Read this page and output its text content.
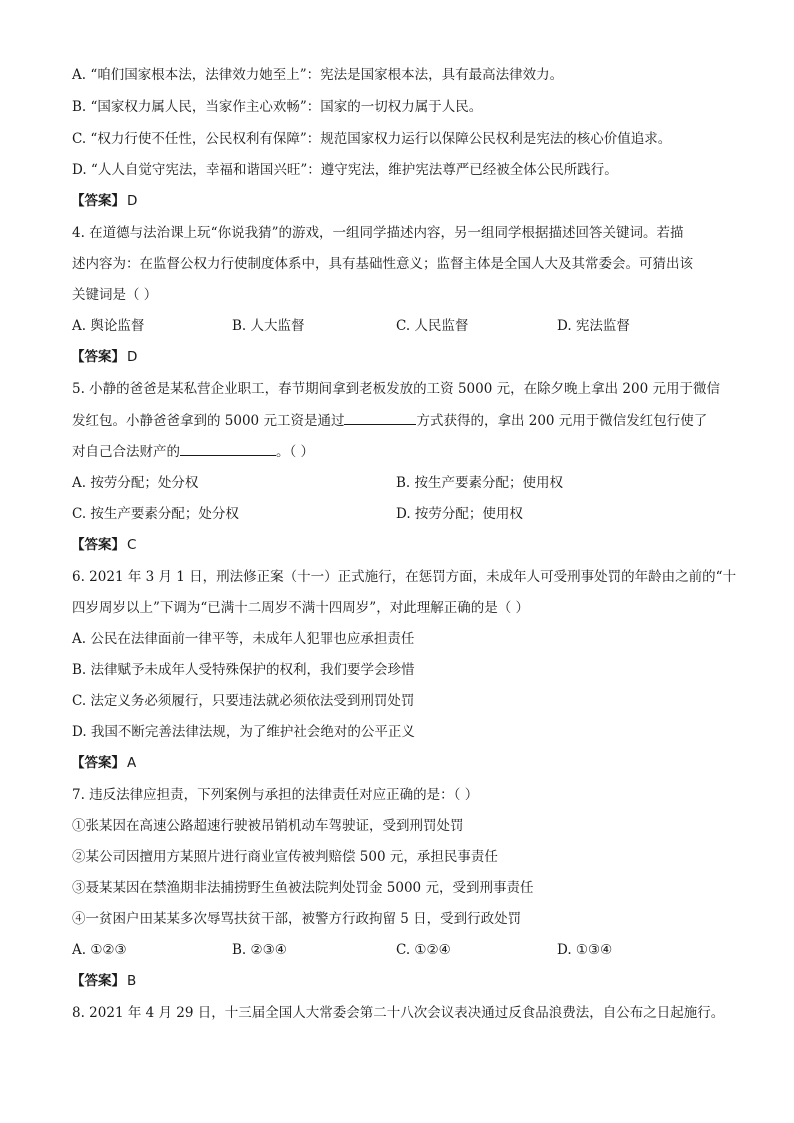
A. “咱们国家根本法，法律效力她至上”：宪法是国家根本法，具有最高法律效力。
B. “国家权力属人民，当家作主心欢畅”：国家的一切权力属于人民。
C. “权力行使不任性，公民权利有保障”：规范国家权力运行以保障公民权利是宪法的核心价值追求。
D. “人人自觉守宪法，幸福和谐国兴旺”：遵守宪法，维护宪法尊严已经被全体公民所践行。
【答案】 D
4. 在道德与法治课上玩“你说我猜”的游戏，一组同学描述内容，另一组同学根据描述回答关键词。若描
述内容为：在监督公权力行使制度体系中，具有基础性意义；监督主体是全国人大及其常委会。可猜出该
关键词是（ ）
A. 舆论监督	B. 人大监督	C. 人民监督	D. 宪法监督
【答案】 D
5. 小静的爸爸是某私营企业职工，春节期间拿到老板发放的工资 5000 元，在除夕晚上拿出 200 元用于微信
发红包。小静爸爸拿到的 5000 元工资是通过	方式获得的，拿出 200 元用于微信发红包行使了
对自己合法财产的	。（ ）
A. 按劳分配；处分权	B. 按生产要素分配；使用权
C. 按生产要素分配；处分权	D. 按劳分配；使用权
【答案】 C
6. 2021 年 3 月 1 日，刑法修正案（十一）正式施行，在惩罚方面，未成年人可受刑事处罚的年龄由之前的“十
四岁周岁以上”下调为“已满十二周岁不满十四周岁”，对此理解正确的是（ ）
A. 公民在法律面前一律平等，未成年人犯罪也应承担责任
B. 法律赋予未成年人受特殊保护的权利，我们要学会珍惜
C. 法定义务必须履行，只要违法就必须依法受到刑罚处罚
D. 我国不断完善法律法规，为了维护社会绝对的公平正义
【答案】 A
7. 违反法律应担责，下列案例与承担的法律责任对应正确的是：（ ）
①张某因在高速公路超速行驶被吊销机动车驾驶证，受到刑罚处罚
②某公司因擅用方某照片进行商业宣传被判赔偿 500 元，承担民事责任
③聂某某因在禁渔期非法捕捞野生鱼被法院判处罚金 5000 元，受到刑事责任
④一贫困户田某某多次辱骂扶贫干部，被警方行政拘留 5 日，受到行政处罚
A. ①②③	B. ②③④	C. ①②④	D. ①③④
【答案】 B
8. 2021 年 4 月 29 日，十三届全国人大常委会第二十八次会议表决通过反食品浪费法，自公布之日起施行。
